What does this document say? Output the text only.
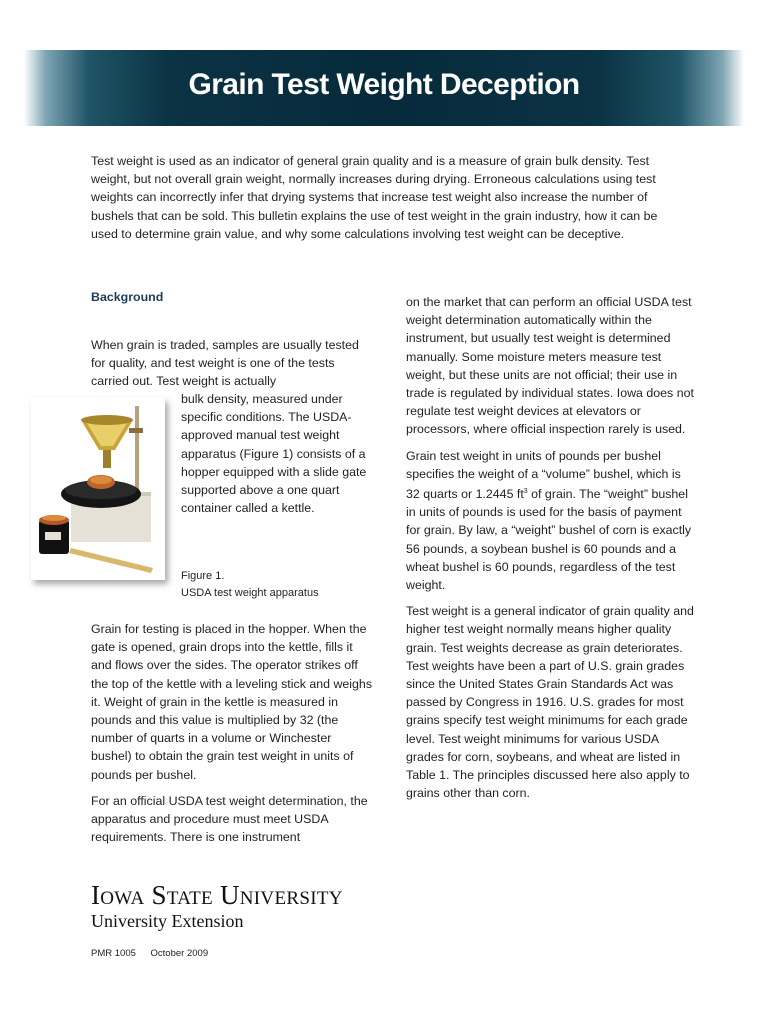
Grain Test Weight Deception

Test weight is used as an indicator of general grain quality and is a measure of grain bulk density. Test weight, but not overall grain weight, normally increases during drying. Erroneous calculations using test weights can incorrectly infer that drying systems that increase test weight also increase the number of bushels that can be sold. This bulletin explains the use of test weight in the grain industry, how it can be used to determine grain value, and why some calculations involving test weight can be deceptive.

Background

When grain is traded, samples are usually tested for quality, and test weight is one of the tests carried out. Test weight is actually

bulk density, measured under specific conditions. The USDA-approved manual test weight apparatus (Figure 1) consists of a hopper equipped with a slide gate supported above a one quart container called a kettle.

Figure 1.
USDA test weight apparatus

Grain for testing is placed in the hopper. When the gate is opened, grain drops into the kettle, fills it and flows over the sides. The operator strikes off the top of the kettle with a leveling stick and weighs it. Weight of grain in the kettle is measured in pounds and this value is multiplied by 32 (the number of quarts in a volume or Winchester bushel) to obtain the grain test weight in units of pounds per bushel.

For an official USDA test weight determination, the apparatus and procedure must meet USDA requirements. There is one instrument

on the market that can perform an official USDA test weight determination automatically within the instrument, but usually test weight is determined manually. Some moisture meters measure test weight, but these units are not official; their use in trade is regulated by individual states. Iowa does not regulate test weight devices at elevators or processors, where official inspection rarely is used.

Grain test weight in units of pounds per bushel specifies the weight of a “volume” bushel, which is 32 quarts or 1.2445 $ft^3$ of grain. The “weight” bushel in units of pounds is used for the basis of payment for grain. By law, a “weight” bushel of corn is exactly 56 pounds, a soybean bushel is 60 pounds and a wheat bushel is 60 pounds, regardless of the test weight.

Test weight is a general indicator of grain quality and higher test weight normally means higher quality grain. Test weights decrease as grain deteriorates. Test weights have been a part of U.S. grain grades since the United States Grain Standards Act was passed by Congress in 1916. U.S. grades for most grains specify test weight minimums for each grade level. Test weight minimums for various USDA grades for corn, soybeans, and wheat are listed in Table 1. The principles discussed here also apply to grains other than corn.

Iowa State University
University Extension
PMR 1005 October 2009
